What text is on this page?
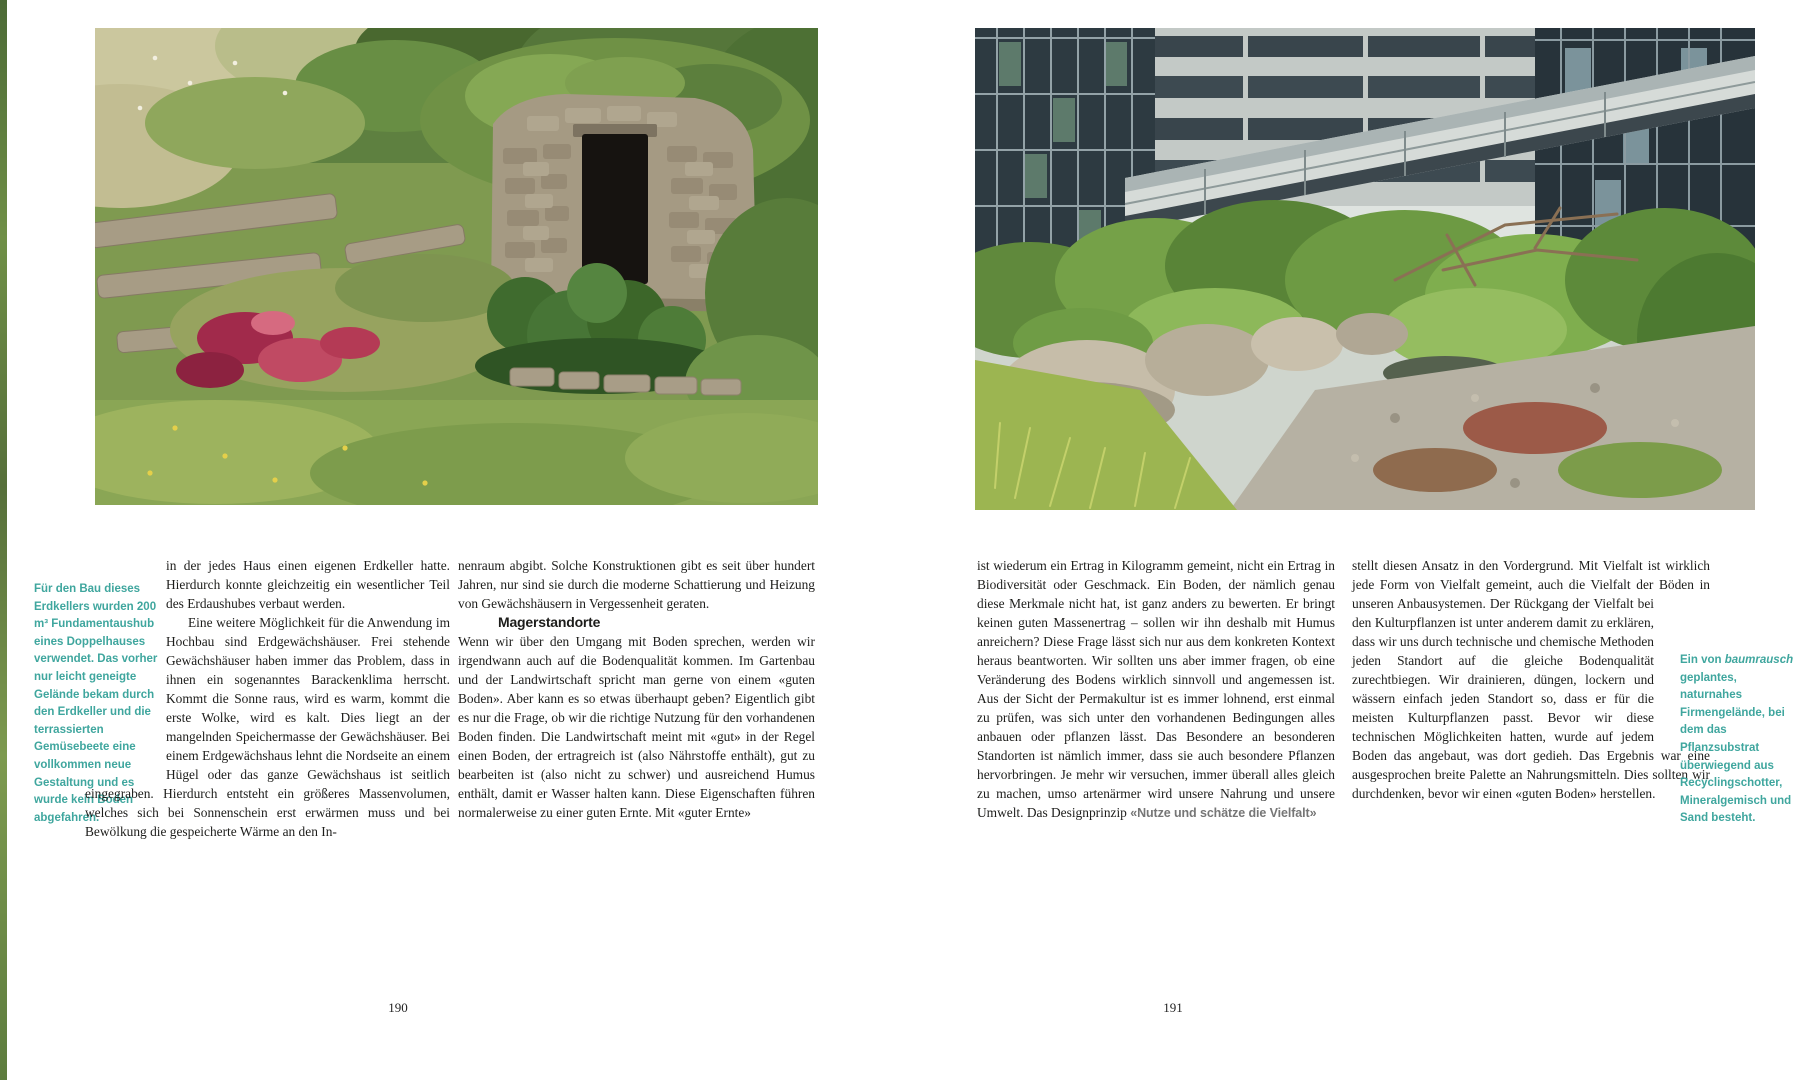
Für den Bau dieses Erdkellers wurden 200 m³ Fundamentaushub eines Doppelhauses verwendet. Das vorher nur leicht geneigte Gelände bekam durch den Erdkeller und die terrassierten Gemüsebeete eine vollkommen neue Gestaltung und es wurde kein Boden abgefahren.

in der jedes Haus einen eigenen Erdkeller hatte. Hierdurch konnte gleichzeitig ein wesentlicher Teil des Erdaushubes verbaut werden.

Eine weitere Möglichkeit für die Anwendung im Hochbau sind Erdgewächshäuser. Frei stehende Gewächshäuser haben immer das Problem, dass in ihnen ein sogenanntes Barackenklima herrscht. Kommt die Sonne raus, wird es warm, kommt die erste Wolke, wird es kalt. Dies liegt an der mangelnden Speichermasse der Gewächshäuser. Bei einem Erdgewächshaus lehnt die Nordseite an einem Hügel oder das ganze Gewächshaus ist seitlich eingegraben. Hierdurch entsteht ein größeres Massenvolumen, welches sich bei Sonnenschein erst erwärmen muss und bei Bewölkung die gespeicherte Wärme an den In-

nenraum abgibt. Solche Konstruktionen gibt es seit über hundert Jahren, nur sind sie durch die moderne Schattierung und Heizung von Gewächshäusern in Vergessenheit geraten.

Magerstandorte

Wenn wir über den Umgang mit Boden sprechen, werden wir irgendwann auch auf die Bodenqualität kommen. Im Gartenbau und der Landwirtschaft spricht man gerne von einem «guten Boden». Aber kann es so etwas überhaupt geben? Eigentlich gibt es nur die Frage, ob wir die richtige Nutzung für den vorhandenen Boden finden. Die Landwirtschaft meint mit «gut» in der Regel einen Boden, der ertragreich ist (also Nährstoffe enthält), gut zu bearbeiten ist (also nicht zu schwer) und ausreichend Humus enthält, damit er Wasser halten kann. Diese Eigenschaften führen normalerweise zu einer guten Ernte. Mit «guter Ernte»

190

ist wiederum ein Ertrag in Kilogramm gemeint, nicht ein Ertrag in Biodiversität oder Geschmack. Ein Boden, der nämlich genau diese Merkmale nicht hat, ist ganz anders zu bewerten. Er bringt keinen guten Massenertrag – sollen wir ihn deshalb mit Humus anreichern? Diese Frage lässt sich nur aus dem konkreten Kontext heraus beantworten. Wir sollten uns aber immer fragen, ob eine Veränderung des Bodens wirklich sinnvoll und angemessen ist. Aus der Sicht der Permakultur ist es immer lohnend, erst einmal zu prüfen, was sich unter den vorhandenen Bedingungen alles anbauen oder pflanzen lässt. Das Besondere an besonderen Standorten ist nämlich immer, dass sie auch besondere Pflanzen hervorbringen. Je mehr wir versuchen, immer überall alles gleich zu machen, umso artenärmer wird unsere Nahrung und unsere Umwelt. Das Designprinzip «Nutze und schätze die Vielfalt»

stellt diesen Ansatz in den Vordergrund. Mit Vielfalt ist wirklich jede Form von Vielfalt gemeint, auch die Vielfalt der Böden in unseren Anbausystemen. Der Rückgang der
Vielfalt bei den Kulturpflanzen ist unter anderem damit zu erklären, dass wir uns durch technische und chemische Methoden jeden Standort auf die gleiche Bodenqualität zurechtbiegen. Wir drainieren, düngen, lockern und wässern einfach jeden Standort so, dass er für die meisten Kulturpflanzen passt. Bevor wir diese technischen Möglichkeiten hatten, wurde auf jedem Boden das angebaut, was dort gedieh. Das Ergebnis war eine ausgesprochen breite Palette an Nahrungsmitteln. Dies sollten wir durchdenken, bevor wir einen «guten Boden» herstellen.

Ein von baumrausch geplantes, naturnahes Firmengelände, bei dem das Pflanzsubstrat überwiegend aus Recyclingschotter, Mineralgemisch und Sand besteht.
191
